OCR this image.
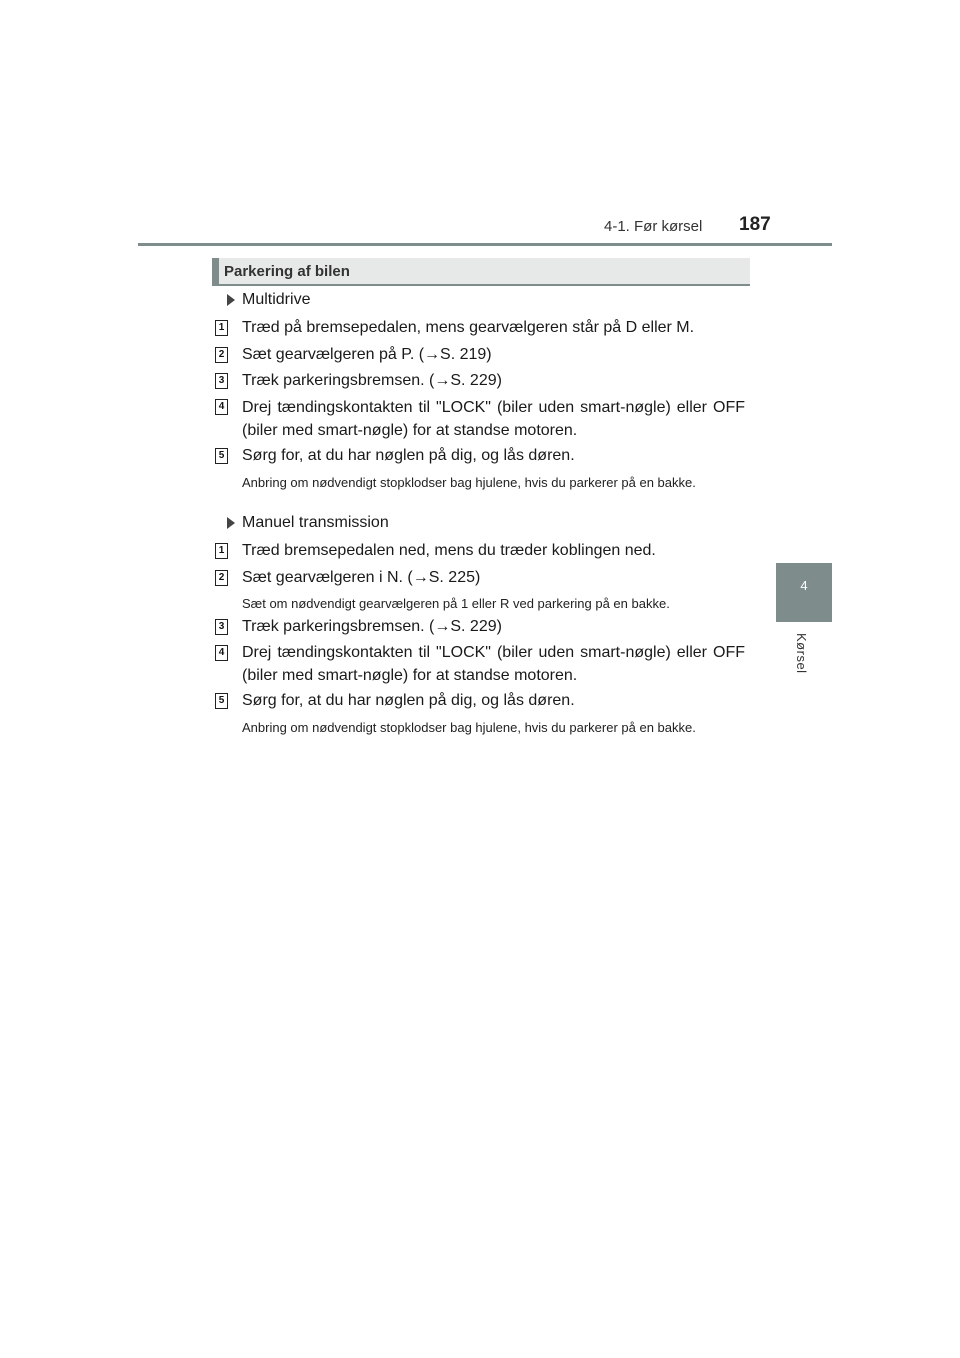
4-1. Før kørsel 187
4
Kørsel
Parkering af bilen
Multidrive
1 Træd på bremsepedalen, mens gearvælgeren står på D eller M.
2 Sæt gearvælgeren på P. (→S. 219)
3 Træk parkeringsbremsen. (→S. 229)
4 Drej tændingskontakten til "LOCK" (biler uden smart-nøgle) eller OFF (biler med smart-nøgle) for at standse motoren.
5 Sørg for, at du har nøglen på dig, og lås døren.
Anbring om nødvendigt stopklodser bag hjulene, hvis du parkerer på en bakke.
Manuel transmission
1 Træd bremsepedalen ned, mens du træder koblingen ned.
2 Sæt gearvælgeren i N. (→S. 225)
Sæt om nødvendigt gearvælgeren på 1 eller R ved parkering på en bakke.
3 Træk parkeringsbremsen. (→S. 229)
4 Drej tændingskontakten til "LOCK" (biler uden smart-nøgle) eller OFF (biler med smart-nøgle) for at standse motoren.
5 Sørg for, at du har nøglen på dig, og lås døren.
Anbring om nødvendigt stopklodser bag hjulene, hvis du parkerer på en bakke.
